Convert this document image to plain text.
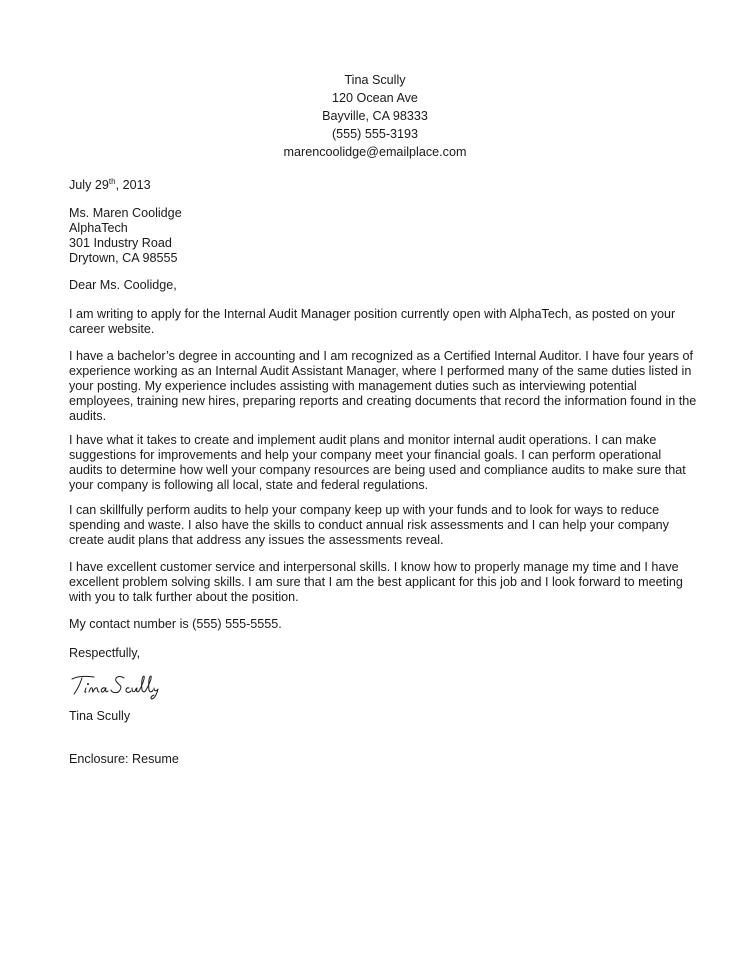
Tina Scully
120 Ocean Ave
Bayville, CA 98333
(555) 555-3193
marencoolidge@emailplace.com
July 29th, 2013
Ms. Maren Coolidge
AlphaTech
301 Industry Road
Drytown, CA 98555
Dear Ms. Coolidge,
I am writing to apply for the Internal Audit Manager position currently open with AlphaTech, as posted on your
career website.
I have a bachelor’s degree in accounting and I am recognized as a Certified Internal Auditor. I have four years of
experience working as an Internal Audit Assistant Manager, where I performed many of the same duties listed in
your posting. My experience includes assisting with management duties such as interviewing potential
employees, training new hires, preparing reports and creating documents that record the information found in the
audits.
I have what it takes to create and implement audit plans and monitor internal audit operations. I can make
suggestions for improvements and help your company meet your financial goals. I can perform operational
audits to determine how well your company resources are being used and compliance audits to make sure that
your company is following all local, state and federal regulations.
I can skillfully perform audits to help your company keep up with your funds and to look for ways to reduce
spending and waste. I also have the skills to conduct annual risk assessments and I can help your company
create audit plans that address any issues the assessments reveal.
I have excellent customer service and interpersonal skills. I know how to properly manage my time and I have
excellent problem solving skills. I am sure that I am the best applicant for this job and I look forward to meeting
with you to talk further about the position.
My contact number is (555) 555-5555.
Respectfully,
Tina Scully
Enclosure: Resume
